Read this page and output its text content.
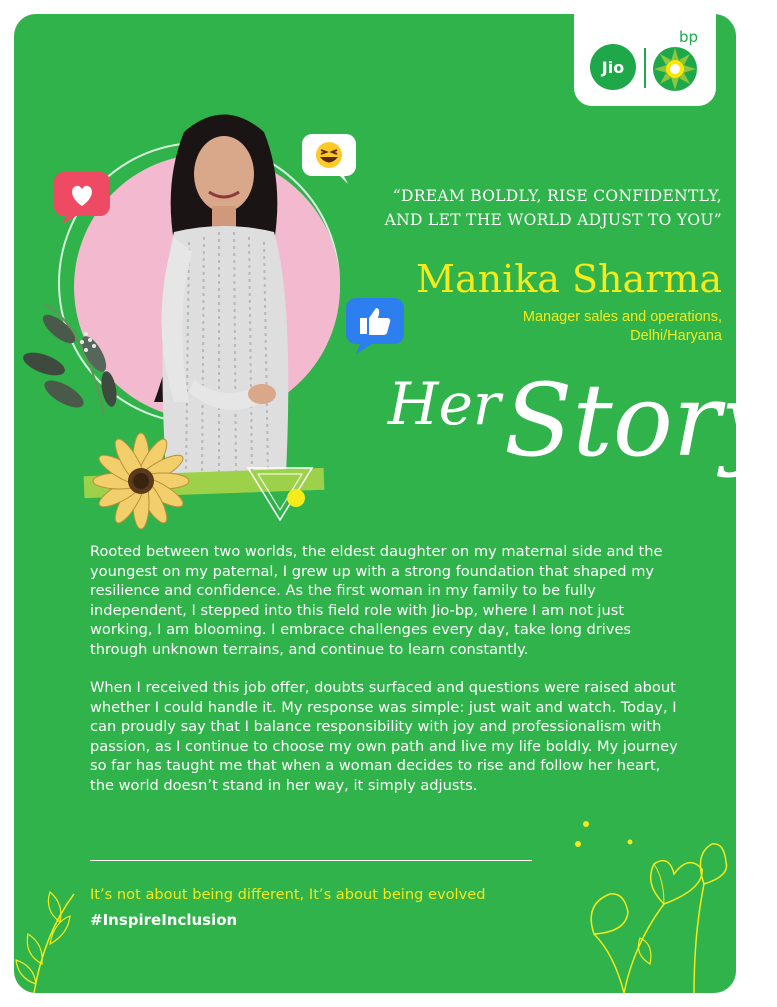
Jio
bp
“DREAM BOLDLY, RISE CONFIDENTLY, AND LET THE WORLD ADJUST TO YOU”
Manika Sharma
Manager sales and operations,
Delhi/Haryana
Her Story

Rooted between two worlds, the eldest daughter on my maternal side and the youngest on my paternal, I grew up with a strong foundation that shaped my resilience and confidence. As the first woman in my family to be fully independent, I stepped into this field role with Jio-bp, where I am not just working, I am blooming. I embrace challenges every day, take long drives through unknown terrains, and continue to learn constantly.

When I received this job offer, doubts surfaced and questions were raised about whether I could handle it. My response was simple: just wait and watch. Today, I can proudly say that I balance responsibility with joy and professionalism with passion, as I continue to choose my own path and live my life boldly. My journey so far has taught me that when a woman decides to rise and follow her heart, the world doesn’t stand in her way, it simply adjusts.

It’s not about being different, It’s about being evolved
#InspireInclusion
